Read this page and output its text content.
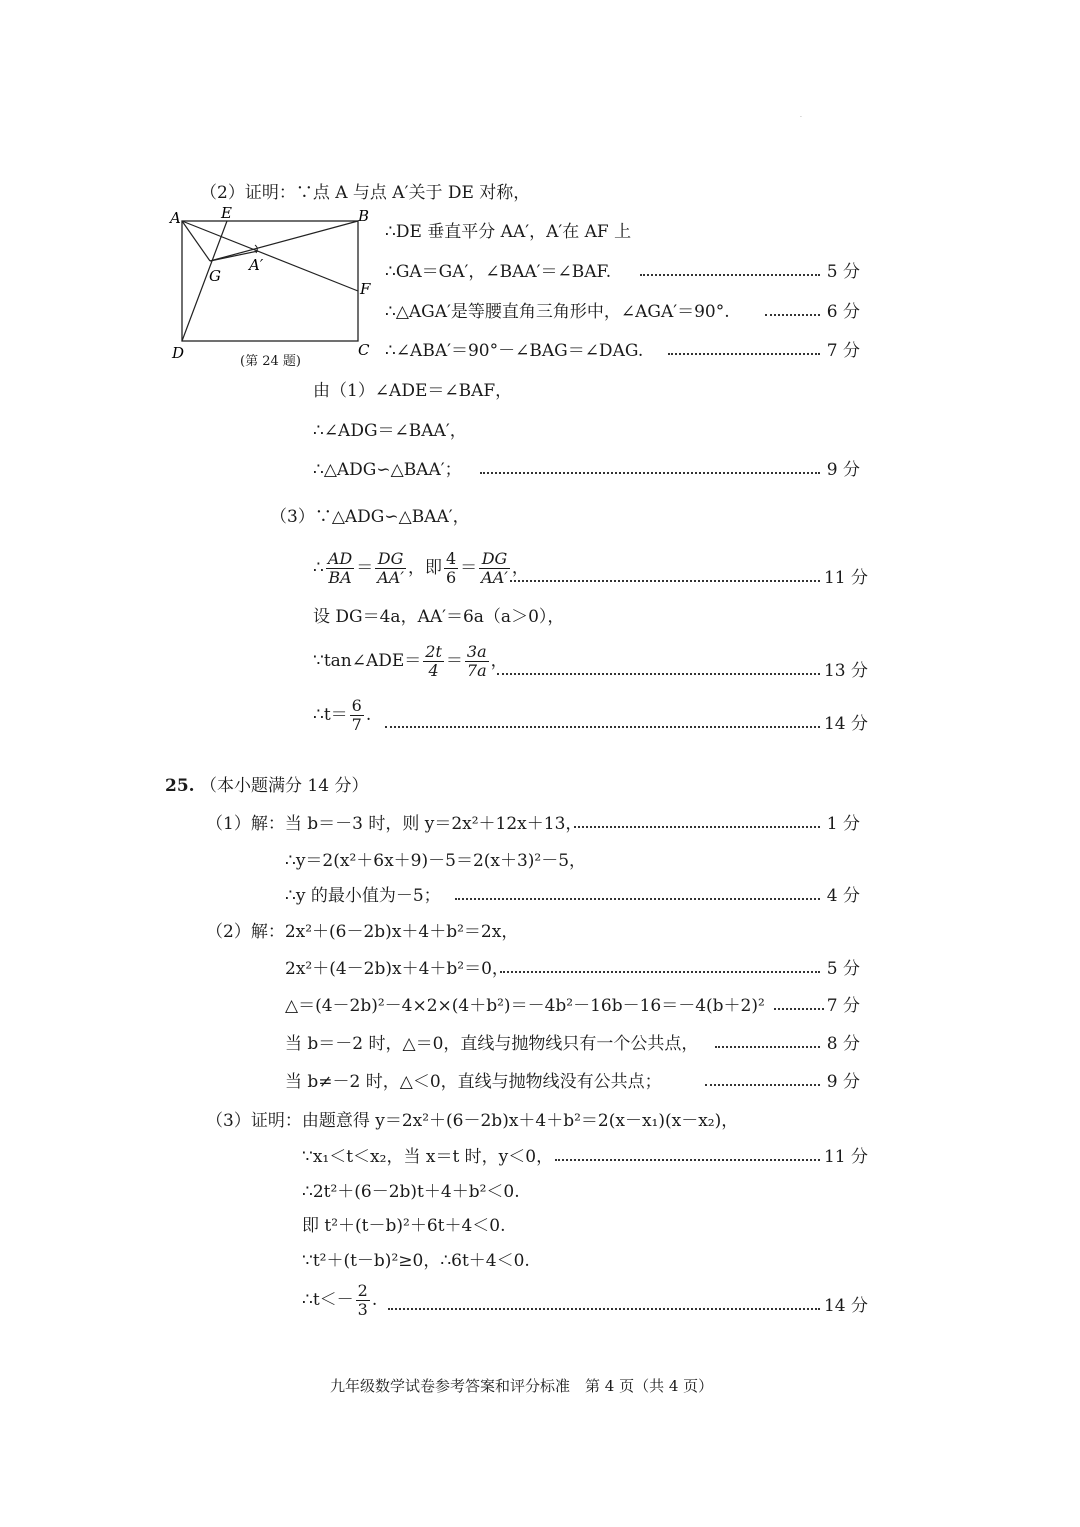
.
A	E	B
G
A′
F
D	C
(第 24 题)
（2）证明：∵点 A 与点 A′关于 DE 对称，
∴DE 垂直平分 AA′，A′在 AF 上
∴GA＝GA′，∠BAA′＝∠BAF.	5 分
∴△AGA′是等腰直角三角形中，∠AGA′＝90°.	6 分
∴∠ABA′＝90°－∠BAG＝∠DAG.	7 分
由（1）∠ADE＝∠BAF，
∴∠ADG＝∠BAA′，
∴△ADG∽△BAA′；	9 分
（3）∵△ADG∽△BAA′，
∴ $\frac{AD}{BA} = \frac{DG}{AA'}$ ，即 $\frac{4}{6} = \frac{DG}{AA'}$ ，	11 分
设 DG＝4a，AA′＝6a（a＞0），
∵tan∠ADE＝ $\frac{2t}{4} = \frac{3a}{7a}$ ，	13 分
∴t＝ $\frac{6}{7}$ .	14 分
25. （本小题满分 14 分）
（1）解：当 b＝－3 时，则 y＝2x²＋12x＋13，	1 分
∴y＝2(x²＋6x＋9)－5＝2(x＋3)²－5，
∴y 的最小值为－5；	4 分
（2）解：2x²＋(6－2b)x＋4＋b²＝2x，
2x²＋(4－2b)x＋4＋b²＝0，	5 分
△＝(4－2b)²－4×2×(4＋b²)＝－4b²－16b－16＝－4(b＋2)²	7 分
当 b＝－2 时，△＝0，直线与抛物线只有一个公共点，	8 分
当 b≠－2 时，△＜0，直线与抛物线没有公共点；	9 分
（3）证明：由题意得 y＝2x²＋(6－2b)x＋4＋b²＝2(x－x₁)(x－x₂)，
∵x₁＜t＜x₂，当 x＝t 时，y＜0，	11 分
∴2t²＋(6－2b)t＋4＋b²＜0.
即 t²＋(t－b)²＋6t＋4＜0.
∵t²＋(t－b)²≥0，∴6t＋4＜0.
∴t＜－ $\frac{2}{3}$ .	14 分
九年级数学试卷参考答案和评分标准　第 4 页（共 4 页）
